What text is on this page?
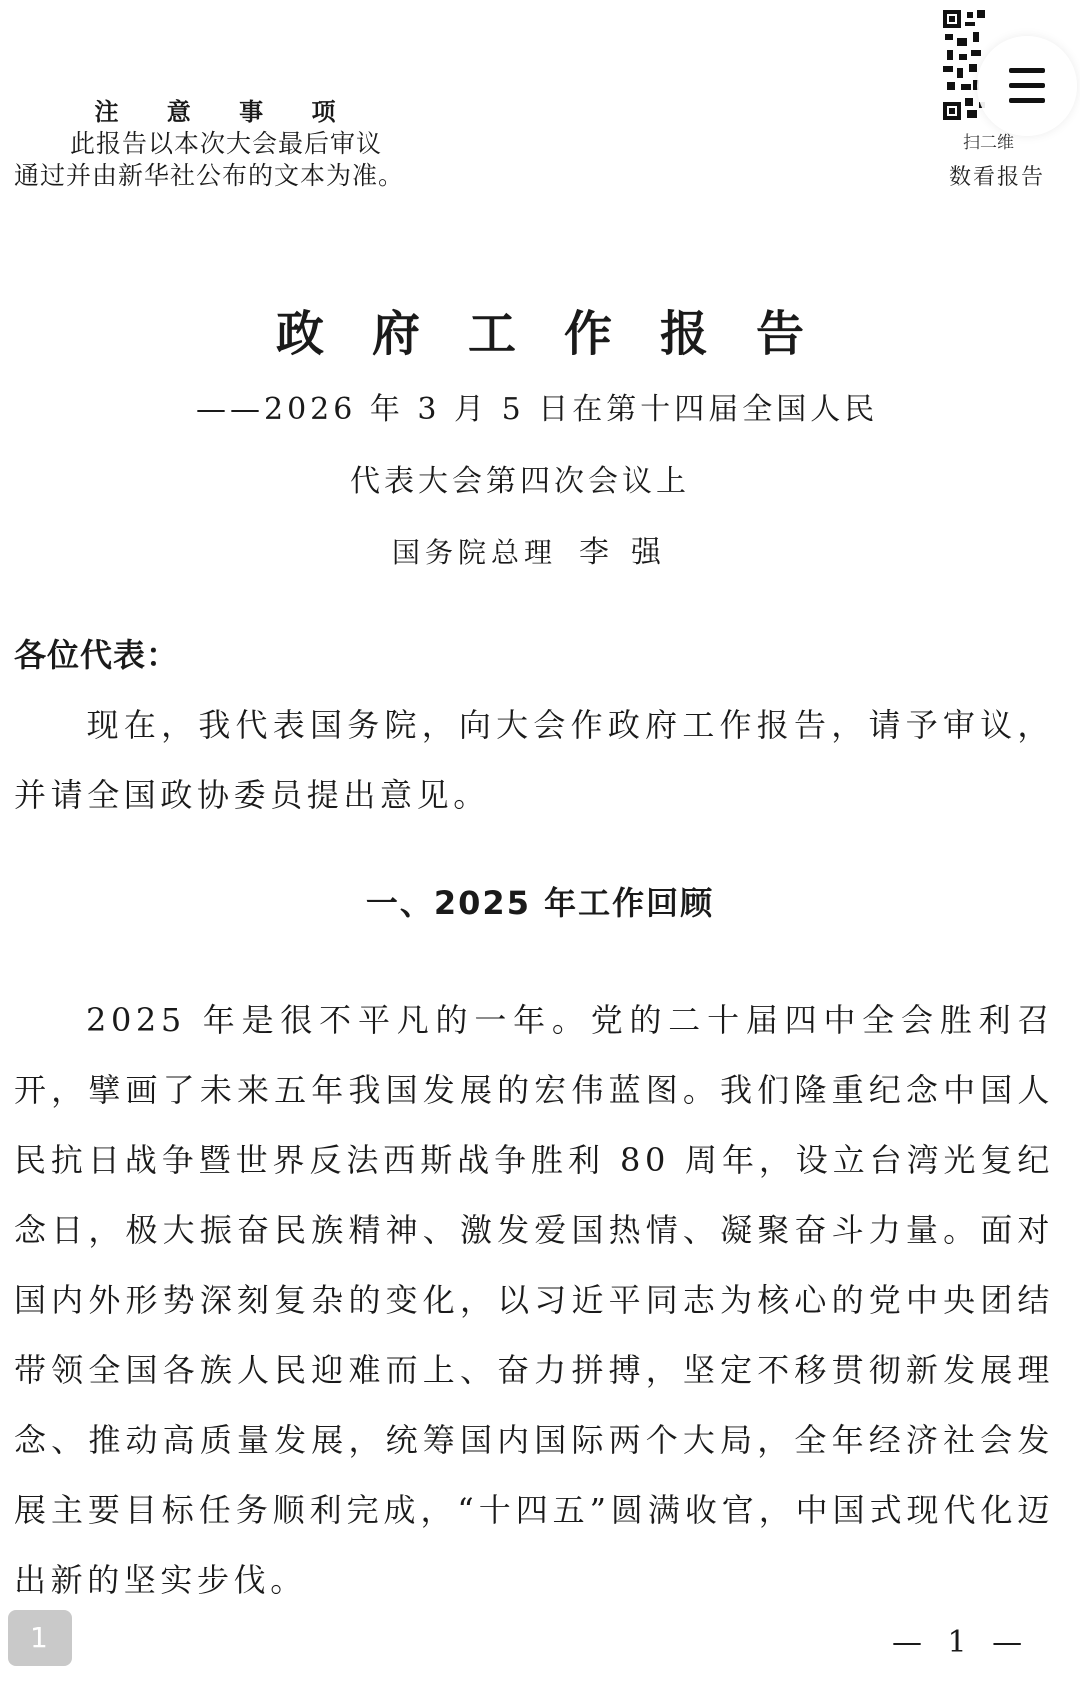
注 意 事 项
此报告以本次大会最后审议
通过并由新华社公布的文本为准。
扫二维
数看报告
政府工作报告
——2026 年 3 月 5 日在第十四届全国人民
代表大会第四次会议上
国务院总理 李强
各位代表：
现在，我代表国务院，向大会作政府工作报告，请予审议，并请全国政协委员提出意见。
一、2025 年工作回顾
2025 年是很不平凡的一年。党的二十届四中全会胜利召开，擘画了未来五年我国发展的宏伟蓝图。我们隆重纪念中国人民抗日战争暨世界反法西斯战争胜利 80 周年，设立台湾光复纪念日，极大振奋民族精神、激发爱国热情、凝聚奋斗力量。面对国内外形势深刻复杂的变化，以习近平同志为核心的党中央团结带领全国各族人民迎难而上、奋力拼搏，坚定不移贯彻新发展理念、推动高质量发展，统筹国内国际两个大局，全年经济社会发展主要目标任务顺利完成，“十四五”圆满收官，中国式现代化迈出新的坚实步伐。
1	— 1 —
